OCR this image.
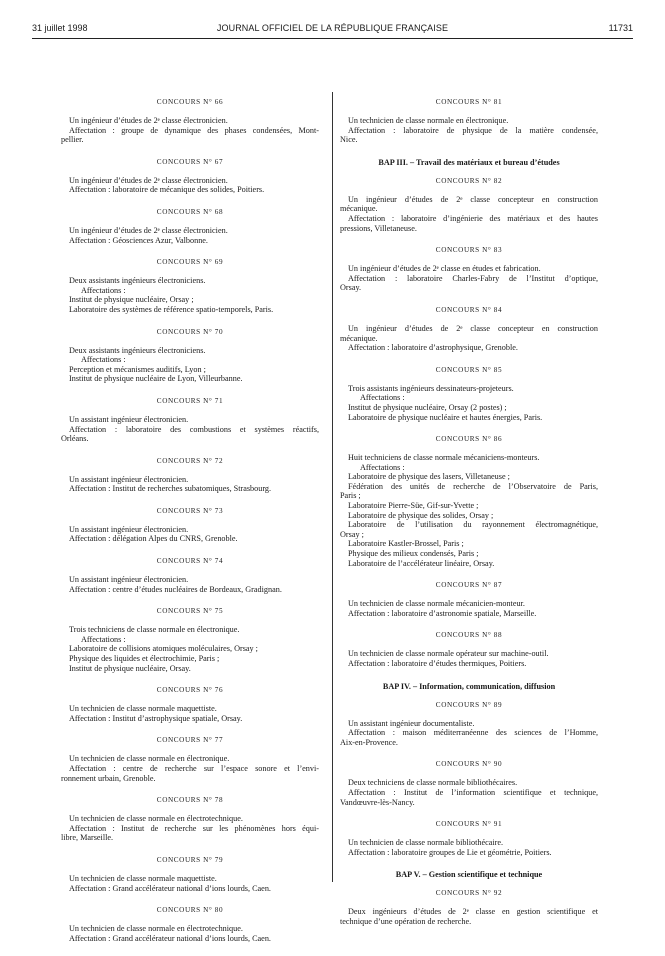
31 juillet 1998	JOURNAL OFFICIEL DE LA RÉPUBLIQUE FRANÇAISE	11731
CONCOURS N° 66
Un ingénieur d’études de 2ᵉ classe électronicien.
Affectation : groupe de dynamique des phases condensées, Mont-
pellier.
CONCOURS N° 67
Un ingénieur d’études de 2ᵉ classe électronicien.
Affectation : laboratoire de mécanique des solides, Poitiers.
CONCOURS N° 68
Un ingénieur d’études de 2ᵉ classe électronicien.
Affectation : Géosciences Azur, Valbonne.
CONCOURS N° 69
Deux assistants ingénieurs électroniciens.
Affectations :
Institut de physique nucléaire, Orsay ;
Laboratoire des systèmes de référence spatio-temporels, Paris.
CONCOURS N° 70
Deux assistants ingénieurs électroniciens.
Affectations :
Perception et mécanismes auditifs, Lyon ;
Institut de physique nucléaire de Lyon, Villeurbanne.
CONCOURS N° 71
Un assistant ingénieur électronicien.
Affectation : laboratoire des combustions et systèmes réactifs,
Orléans.
CONCOURS N° 72
Un assistant ingénieur électronicien.
Affectation : Institut de recherches subatomiques, Strasbourg.
CONCOURS N° 73
Un assistant ingénieur électronicien.
Affectation : délégation Alpes du CNRS, Grenoble.
CONCOURS N° 74
Un assistant ingénieur électronicien.
Affectation : centre d’études nucléaires de Bordeaux, Gradignan.
CONCOURS N° 75
Trois techniciens de classe normale en électronique.
Affectations :
Laboratoire de collisions atomiques moléculaires, Orsay ;
Physique des liquides et électrochimie, Paris ;
Institut de physique nucléaire, Orsay.
CONCOURS N° 76
Un technicien de classe normale maquettiste.
Affectation : Institut d’astrophysique spatiale, Orsay.
CONCOURS N° 77
Un technicien de classe normale en électronique.
Affectation : centre de recherche sur l’espace sonore et l’envi-
ronnement urbain, Grenoble.
CONCOURS N° 78
Un technicien de classe normale en électrotechnique.
Affectation : Institut de recherche sur les phénomènes hors équi-
libre, Marseille.
CONCOURS N° 79
Un technicien de classe normale maquettiste.
Affectation : Grand accélérateur national d’ions lourds, Caen.
CONCOURS N° 80
Un technicien de classe normale en électrotechnique.
Affectation : Grand accélérateur national d’ions lourds, Caen.
CONCOURS N° 81
Un technicien de classe normale en électronique.
Affectation : laboratoire de physique de la matière condensée,
Nice.
BAP III. – Travail des matériaux et bureau d’études
CONCOURS N° 82
Un ingénieur d’études de 2ᵉ classe concepteur en construction
mécanique.
Affectation : laboratoire d’ingénierie des matériaux et des hautes
pressions, Villetaneuse.
CONCOURS N° 83
Un ingénieur d’études de 2ᵉ classe en études et fabrication.
Affectation : laboratoire Charles-Fabry de l’Institut d’optique,
Orsay.
CONCOURS N° 84
Un ingénieur d’études de 2ᵉ classe concepteur en construction
mécanique.
Affectation : laboratoire d’astrophysique, Grenoble.
CONCOURS N° 85
Trois assistants ingénieurs dessinateurs-projeteurs.
Affectations :
Institut de physique nucléaire, Orsay (2 postes) ;
Laboratoire de physique nucléaire et hautes énergies, Paris.
CONCOURS N° 86
Huit techniciens de classe normale mécaniciens-monteurs.
Affectations :
Laboratoire de physique des lasers, Villetaneuse ;
Fédération des unités de recherche de l’Observatoire de Paris,
Paris ;
Laboratoire Pierre-Süe, Gif-sur-Yvette ;
Laboratoire de physique des solides, Orsay ;
Laboratoire de l’utilisation du rayonnement électromagnétique,
Orsay ;
Laboratoire Kastler-Brossel, Paris ;
Physique des milieux condensés, Paris ;
Laboratoire de l’accélérateur linéaire, Orsay.
CONCOURS N° 87
Un technicien de classe normale mécanicien-monteur.
Affectation : laboratoire d’astronomie spatiale, Marseille.
CONCOURS N° 88
Un technicien de classe normale opérateur sur machine-outil.
Affectation : laboratoire d’études thermiques, Poitiers.
BAP IV. – Information, communication, diffusion
CONCOURS N° 89
Un assistant ingénieur documentaliste.
Affectation : maison méditerranéenne des sciences de l’Homme,
Aix-en-Provence.
CONCOURS N° 90
Deux techniciens de classe normale bibliothécaires.
Affectation : Institut de l’information scientifique et technique,
Vandœuvre-lès-Nancy.
CONCOURS N° 91
Un technicien de classe normale bibliothécaire.
Affectation : laboratoire groupes de Lie et géométrie, Poitiers.
BAP V. – Gestion scientifique et technique
CONCOURS N° 92
Deux ingénieurs d’études de 2ᵉ classe en gestion scientifique et
technique d’une opération de recherche.
